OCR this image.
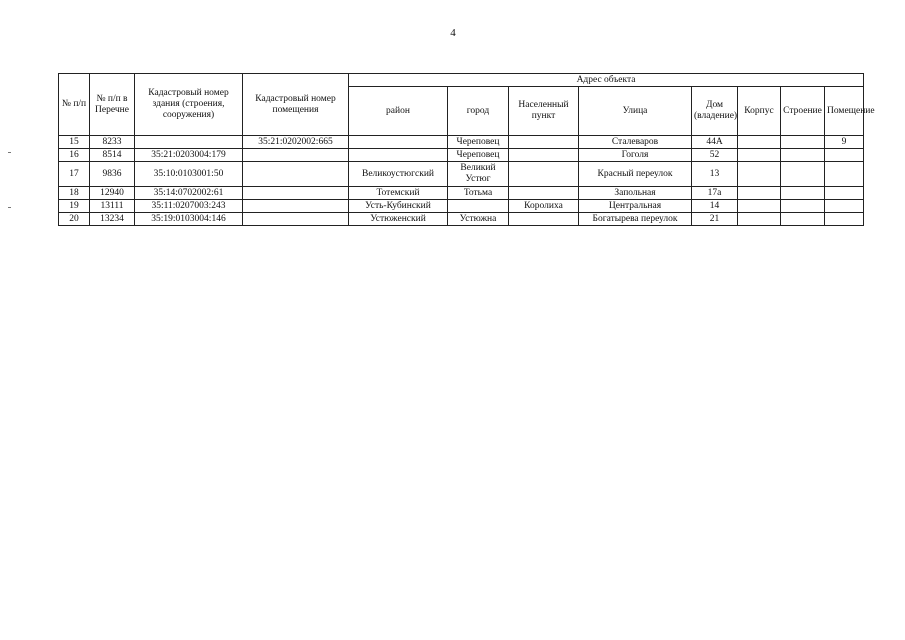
4
№ п/п	№ п/п в Перечне	Кадастровый номер здания (строения, сооружения)	Кадастровый номер помещения	Адрес объекта							
				район	город	Населенный пункт	Улица	Дом (владение)	Корпус	Строение	Помещение
15	8233		35:21:0202002:665		Череповец		Сталеваров	44А			9
16	8514	35:21:0203004:179			Череповец		Гоголя	52			
17	9836	35:10:0103001:50		Великоустюгский	Великий Устюг		Красный переулок	13			
18	12940	35:14:0702002:61		Тотемский	Тотьма		Запольная	17а			
19	13111	35:11:0207003:243		Усть-Кубинский		Королиха	Центральная	14			
20	13234	35:19:0103004:146		Устюженский	Устюжна		Богатырева переулок	21			
